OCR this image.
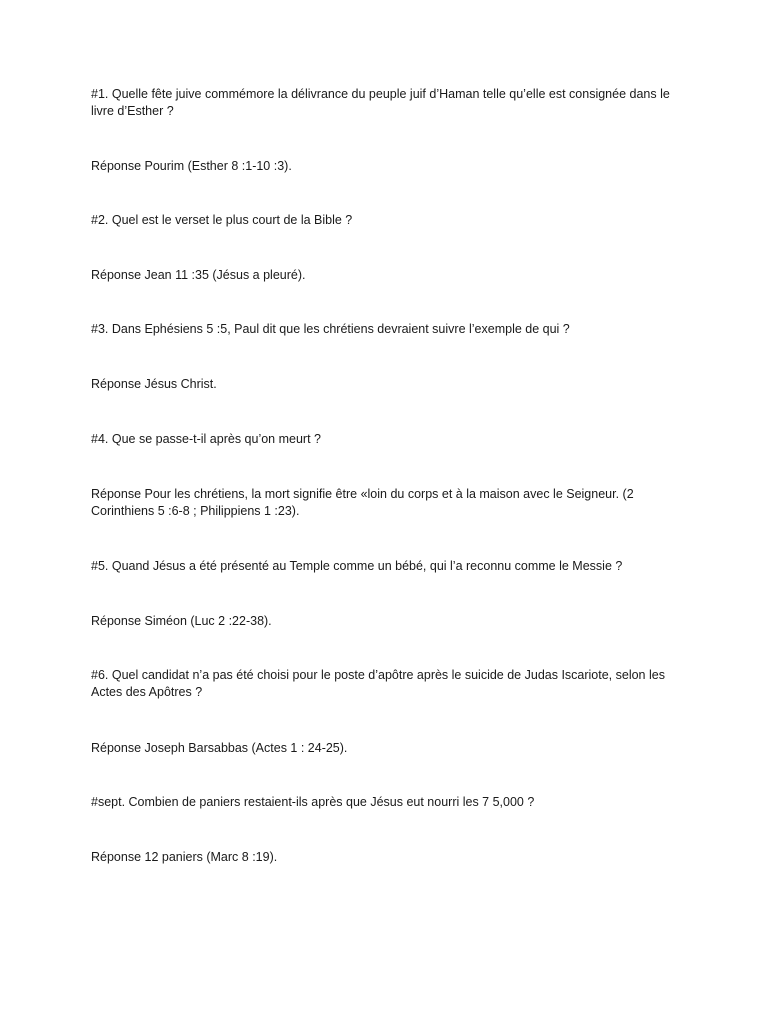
#1. Quelle fête juive commémore la délivrance du peuple juif d’Haman telle qu’elle est consignée dans le livre d’Esther ?

Réponse Pourim (Esther 8 :1-10 :3).

#2. Quel est le verset le plus court de la Bible ?

Réponse Jean 11 :35 (Jésus a pleuré).

#3. Dans Ephésiens 5 :5, Paul dit que les chrétiens devraient suivre l’exemple de qui ?

Réponse Jésus Christ.

#4. Que se passe-t-il après qu’on meurt ?

Réponse Pour les chrétiens, la mort signifie être «loin du corps et à la maison avec le Seigneur. (2 Corinthiens 5 :6-8 ; Philippiens 1 :23).

#5. Quand Jésus a été présenté au Temple comme un bébé, qui l’a reconnu comme le Messie ?

Réponse Siméon (Luc 2 :22-38).

#6. Quel candidat n’a pas été choisi pour le poste d’apôtre après le suicide de Judas Iscariote, selon les Actes des Apôtres ?

Réponse Joseph Barsabbas (Actes 1 : 24-25).

#sept. Combien de paniers restaient-ils après que Jésus eut nourri les 7 5,000 ?

Réponse 12 paniers (Marc 8 :19).
